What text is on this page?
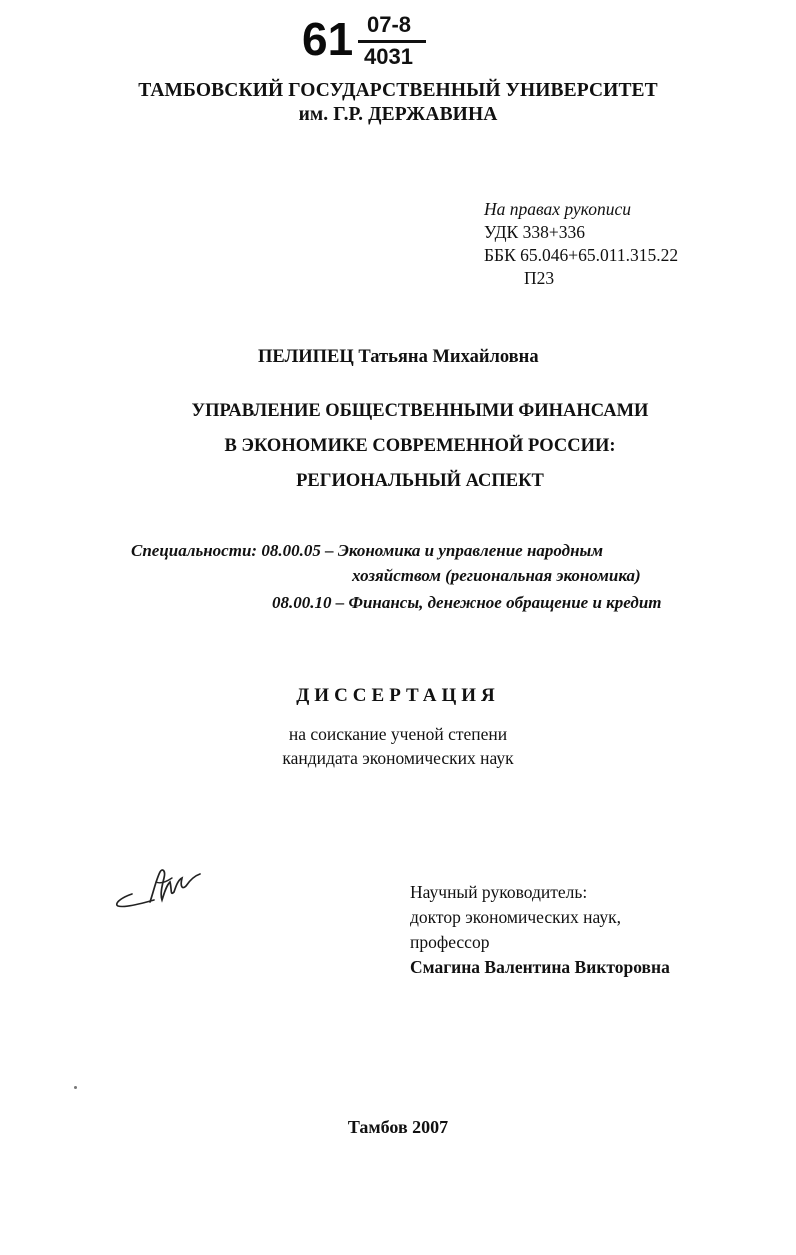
61 07-8
4031
ТАМБОВСКИЙ ГОСУДАРСТВЕННЫЙ УНИВЕРСИТЕТ
им. Г.Р. ДЕРЖАВИНА
На правах рукописи
УДК 338+336
ББК 65.046+65.011.315.22
П23
ПЕЛИПЕЦ Татьяна Михайловна
УПРАВЛЕНИЕ ОБЩЕСТВЕННЫМИ ФИНАНСАМИ
В ЭКОНОМИКЕ СОВРЕМЕННОЙ РОССИИ:
РЕГИОНАЛЬНЫЙ АСПЕКТ
Специальности: 08.00.05 – Экономика и управление народным
хозяйством (региональная экономика)
08.00.10 – Финансы, денежное обращение и кредит
ДИССЕРТАЦИЯ
на соискание ученой степени
кандидата экономических наук
Научный руководитель:
доктор экономических наук,
профессор
Смагина Валентина Викторовна
Тамбов 2007
